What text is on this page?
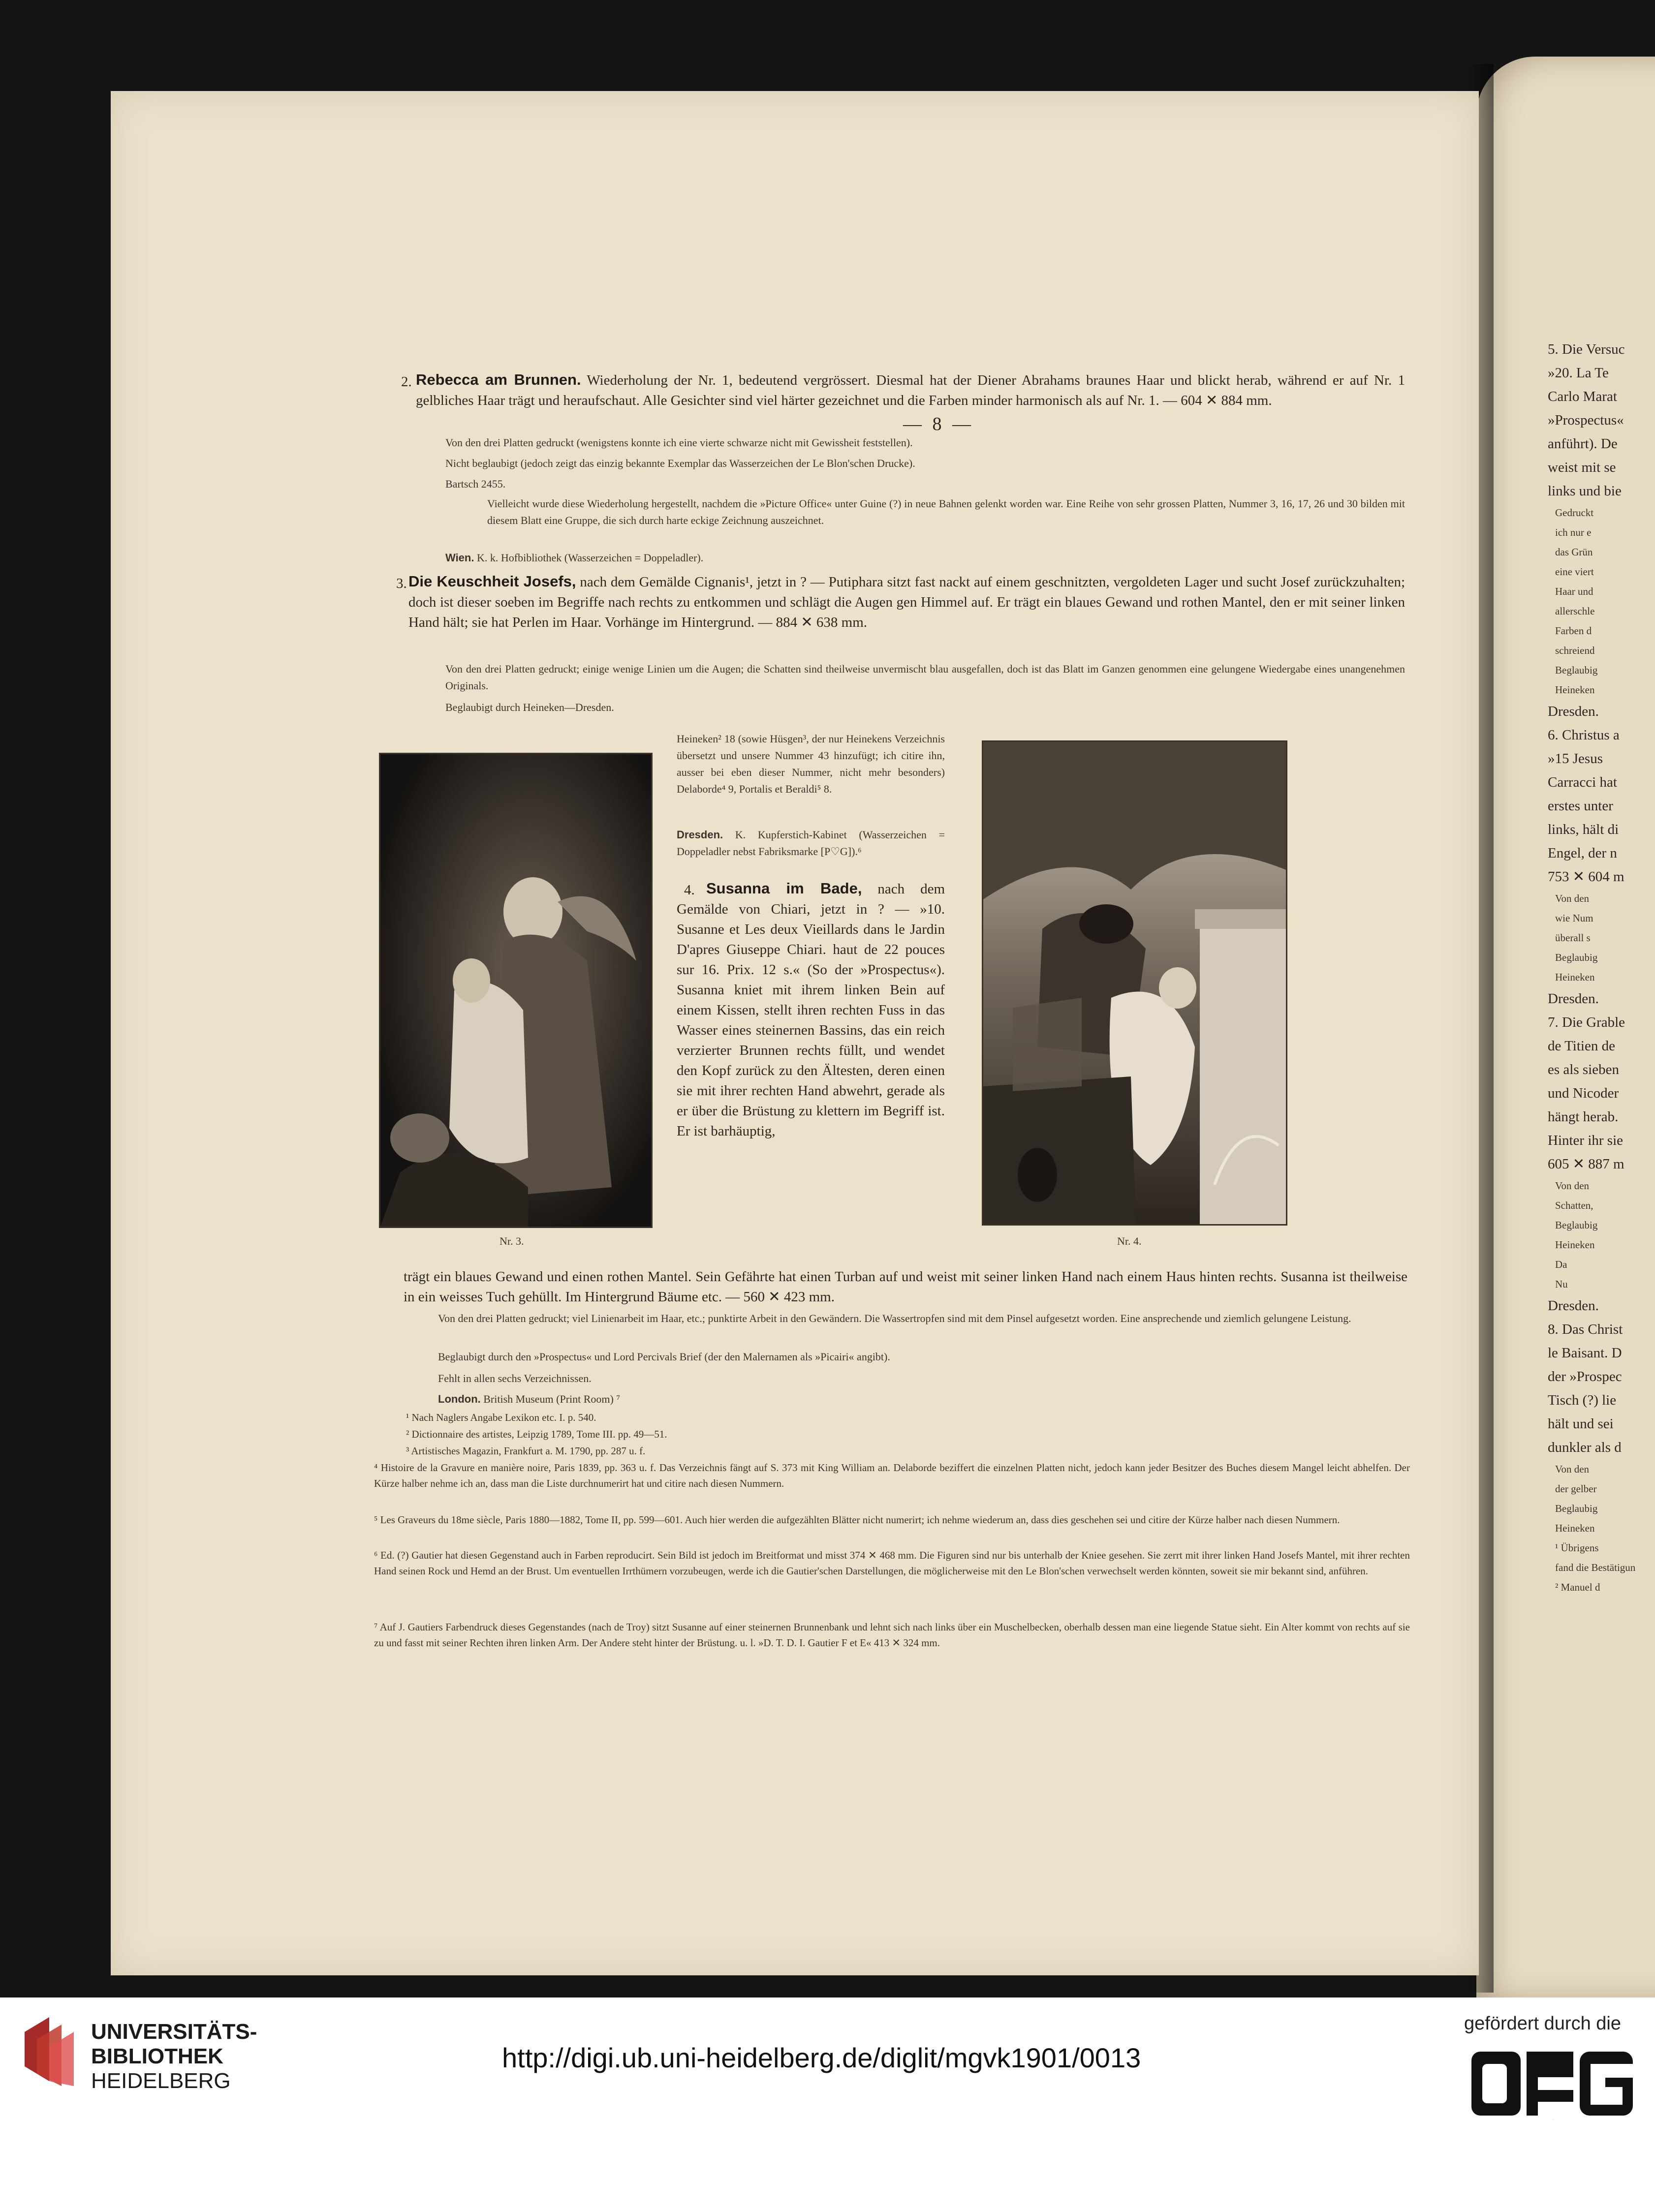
— 8 —
2. Rebecca am Brunnen. Wiederholung der Nr. 1, bedeutend vergrössert. Diesmal hat der Diener Abrahams braunes Haar und blickt herab, während er auf Nr. 1 gelbliches Haar trägt und heraufschaut. Alle Gesichter sind viel härter gezeichnet und die Farben minder harmonisch als auf Nr. 1. — 604 ✕ 884 mm.
Von den drei Platten gedruckt (wenigstens konnte ich eine vierte schwarze nicht mit Gewissheit feststellen).
Nicht beglaubigt (jedoch zeigt das einzig bekannte Exemplar das Wasserzeichen der Le Blon'schen Drucke).
Bartsch 2455.
Vielleicht wurde diese Wiederholung hergestellt, nachdem die »Picture Office« unter Guine (?) in neue Bahnen gelenkt worden war. Eine Reihe von sehr grossen Platten, Nummer 3, 16, 17, 26 und 30 bilden mit diesem Blatt eine Gruppe, die sich durch harte eckige Zeichnung auszeichnet.
Wien. K. k. Hofbibliothek (Wasserzeichen = Doppeladler).
3. Die Keuschheit Josefs, nach dem Gemälde Cignanis¹, jetzt in ? — Putiphara sitzt fast nackt auf einem geschnitzten, vergoldeten Lager und sucht Josef zurückzuhalten; doch ist dieser soeben im Begriffe nach rechts zu entkommen und schlägt die Augen gen Himmel auf. Er trägt ein blaues Gewand und rothen Mantel, den er mit seiner linken Hand hält; sie hat Perlen im Haar. Vorhänge im Hintergrund. — 884 ✕ 638 mm.
Von den drei Platten gedruckt; einige wenige Linien um die Augen; die Schatten sind theilweise unvermischt blau ausgefallen, doch ist das Blatt im Ganzen genommen eine gelungene Wiedergabe eines unangenehmen Originals.
Beglaubigt durch Heineken—Dresden.
Nr. 3.
Heineken² 18 (sowie Hüsgen³, der nur Heinekens Verzeichnis übersetzt und unsere Nummer 43 hinzufügt; ich citire ihn, ausser bei eben dieser Nummer, nicht mehr besonders) Delaborde⁴ 9, Portalis et Beraldi⁵ 8.
Dresden. K. Kupferstich-Kabinet (Wasserzeichen = Doppeladler nebst Fabriksmarke [P♡G]).⁶
4. Susanna im Bade, nach dem Gemälde von Chiari, jetzt in ? — »10. Susanne et Les deux Vieillards dans le Jardin D'apres Giuseppe Chiari. haut de 22 pouces sur 16. Prix. 12 s.« (So der »Prospectus«). Susanna kniet mit ihrem linken Bein auf einem Kissen, stellt ihren rechten Fuss in das Wasser eines steinernen Bassins, das ein reich verzierter Brunnen rechts füllt, und wendet den Kopf zurück zu den Ältesten, deren einen sie mit ihrer rechten Hand abwehrt, gerade als er über die Brüstung zu klettern im Begriff ist. Er ist barhäuptig,
Nr. 4.
trägt ein blaues Gewand und einen rothen Mantel. Sein Gefährte hat einen Turban auf und weist mit seiner linken Hand nach einem Haus hinten rechts. Susanna ist theilweise in ein weisses Tuch gehüllt. Im Hintergrund Bäume etc. — 560 ✕ 423 mm.
Von den drei Platten gedruckt; viel Linienarbeit im Haar, etc.; punktirte Arbeit in den Gewändern. Die Wassertropfen sind mit dem Pinsel aufgesetzt worden. Eine ansprechende und ziemlich gelungene Leistung.
Beglaubigt durch den »Prospectus« und Lord Percivals Brief (der den Malernamen als »Picairi« angibt).
Fehlt in allen sechs Verzeichnissen.
London. British Museum (Print Room) ⁷
¹ Nach Naglers Angabe Lexikon etc. I. p. 540.
² Dictionnaire des artistes, Leipzig 1789, Tome III. pp. 49—51.
³ Artistisches Magazin, Frankfurt a. M. 1790, pp. 287 u. f.
⁴ Histoire de la Gravure en manière noire, Paris 1839, pp. 363 u. f. Das Verzeichnis fängt auf S. 373 mit King William an. Delaborde beziffert die einzelnen Platten nicht, jedoch kann jeder Besitzer des Buches diesem Mangel leicht abhelfen. Der Kürze halber nehme ich an, dass man die Liste durchnumerirt hat und citire nach diesen Nummern.
⁵ Les Graveurs du 18me siècle, Paris 1880—1882, Tome II, pp. 599—601. Auch hier werden die aufgezählten Blätter nicht numerirt; ich nehme wiederum an, dass dies geschehen sei und citire der Kürze halber nach diesen Nummern.
⁶ Ed. (?) Gautier hat diesen Gegenstand auch in Farben reproducirt. Sein Bild ist jedoch im Breitformat und misst 374 ✕ 468 mm. Die Figuren sind nur bis unterhalb der Kniee gesehen. Sie zerrt mit ihrer linken Hand Josefs Mantel, mit ihrer rechten Hand seinen Rock und Hemd an der Brust. Um eventuellen Irrthümern vorzubeugen, werde ich die Gautier'schen Darstellungen, die möglicherweise mit den Le Blon'schen verwechselt werden könnten, soweit sie mir bekannt sind, anführen.
⁷ Auf J. Gautiers Farbendruck dieses Gegenstandes (nach de Troy) sitzt Susanne auf einer steinernen Brunnenbank und lehnt sich nach links über ein Muschelbecken, oberhalb dessen man eine liegende Statue sieht. Ein Alter kommt von rechts auf sie zu und fasst mit seiner Rechten ihren linken Arm. Der Andere steht hinter der Brüstung. u. l. »D. T. D. I. Gautier F et E« 413 ✕ 324 mm.
5. Die Versuc
»20. La Te
Carlo Marat
»Prospectus«
anführt). De
weist mit se
links und bie
Gedruckt
ich nur e
das Grün
eine viert
Haar und
allerschle
Farben d
schreiend
Beglaubig
Heineken
Dresden.
6. Christus a
»15 Jesus
Carracci hat
erstes unter
links, hält di
Engel, der n
753 ✕ 604 m
Von den
wie Num
überall s
Beglaubig
Heineken
Dresden.
7. Die Grable
de Titien de
es als sieben
und Nicoder
hängt herab.
Hinter ihr sie
605 ✕ 887 m
Von den
Schatten,
Beglaubig
Heineken
Da
Nu
Dresden.
8. Das Christ
le Baisant. D
der »Prospec
Tisch (?) lie
hält und sei
dunkler als d
Von den
der gelber
Beglaubig
Heineken
¹ Übrigens
fand die Bestätigun
² Manuel d
UNIVERSITÄTS-
BIBLIOTHEK
HEIDELBERG
http://digi.ub.uni-heidelberg.de/diglit/mgvk1901/0013
gefördert durch die
DFG
